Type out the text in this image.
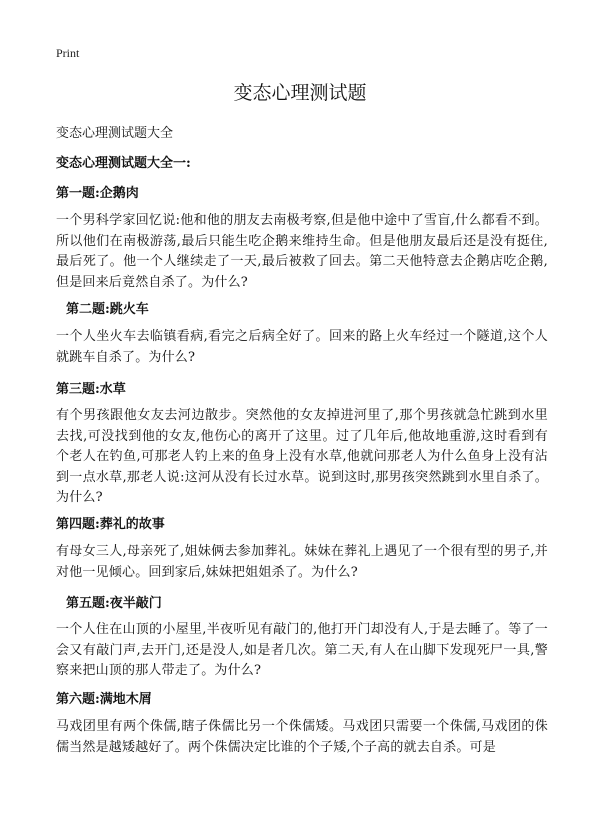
Print
变态心理测试题
变态心理测试题大全
变态心理测试题大全一:
第一题:企鹅肉

一个男科学家回忆说:他和他的朋友去南极考察,但是他中途中了雪盲,什么都看不到。所以他们在南极游荡,最后只能生吃企鹅来维持生命。但是他朋友最后还是没有挺住,最后死了。他一个人继续走了一天,最后被救了回去。第二天他特意去企鹅店吃企鹅,但是回来后竟然自杀了。为什么?

第二题:跳火车

一个人坐火车去临镇看病,看完之后病全好了。回来的路上火车经过一个隧道,这个人就跳车自杀了。为什么?

第三题:水草

有个男孩跟他女友去河边散步。突然他的女友掉进河里了,那个男孩就急忙跳到水里去找,可没找到他的女友,他伤心的离开了这里。过了几年后,他故地重游,这时看到有个老人在钓鱼,可那老人钓上来的鱼身上没有水草,他就问那老人为什么鱼身上没有沾到一点水草,那老人说:这河从没有长过水草。说到这时,那男孩突然跳到水里自杀了。为什么?

第四题:葬礼的故事

有母女三人,母亲死了,姐妹俩去参加葬礼。妹妹在葬礼上遇见了一个很有型的男子,并对他一见倾心。回到家后,妹妹把姐姐杀了。为什么?

第五题:夜半敲门

一个人住在山顶的小屋里,半夜听见有敲门的,他打开门却没有人,于是去睡了。等了一会又有敲门声,去开门,还是没人,如是者几次。第二天,有人在山脚下发现死尸一具,警察来把山顶的那人带走了。为什么?

第六题:满地木屑

马戏团里有两个侏儒,瞎子侏儒比另一个侏儒矮。马戏团只需要一个侏儒,马戏团的侏儒当然是越矮越好了。两个侏儒决定比谁的个子矮,个子高的就去自杀。可是
